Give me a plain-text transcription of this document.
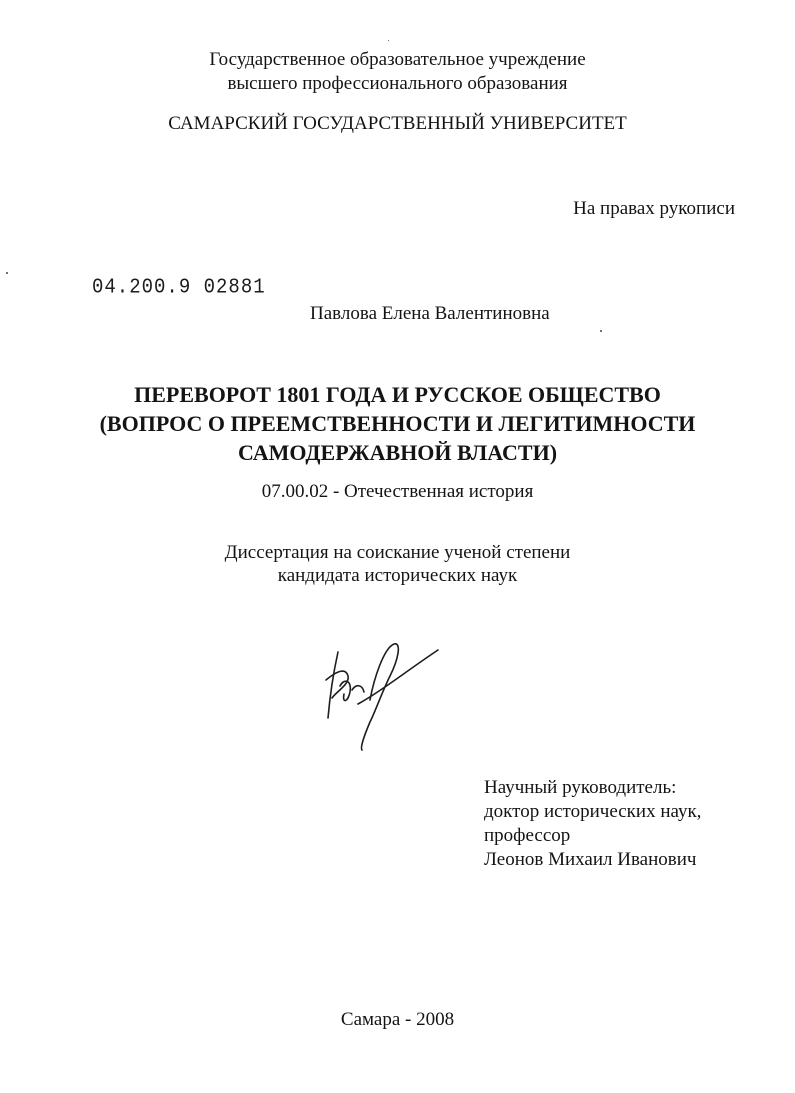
Государственное образовательное учреждение
высшего профессионального образования
САМАРСКИЙ ГОСУДАРСТВЕННЫЙ УНИВЕРСИТЕТ
На правах рукописи
04.200.9 02881
Павлова Елена Валентиновна
ПЕРЕВОРОТ 1801 ГОДА И РУССКОЕ ОБЩЕСТВО
(ВОПРОС О ПРЕЕМСТВЕННОСТИ И ЛЕГИТИМНОСТИ
САМОДЕРЖАВНОЙ ВЛАСТИ)
07.00.02 - Отечественная история
Диссертация на соискание ученой степени
кандидата исторических наук
Научный руководитель:
доктор исторических наук,
профессор
Леонов Михаил Иванович
Самара - 2008
